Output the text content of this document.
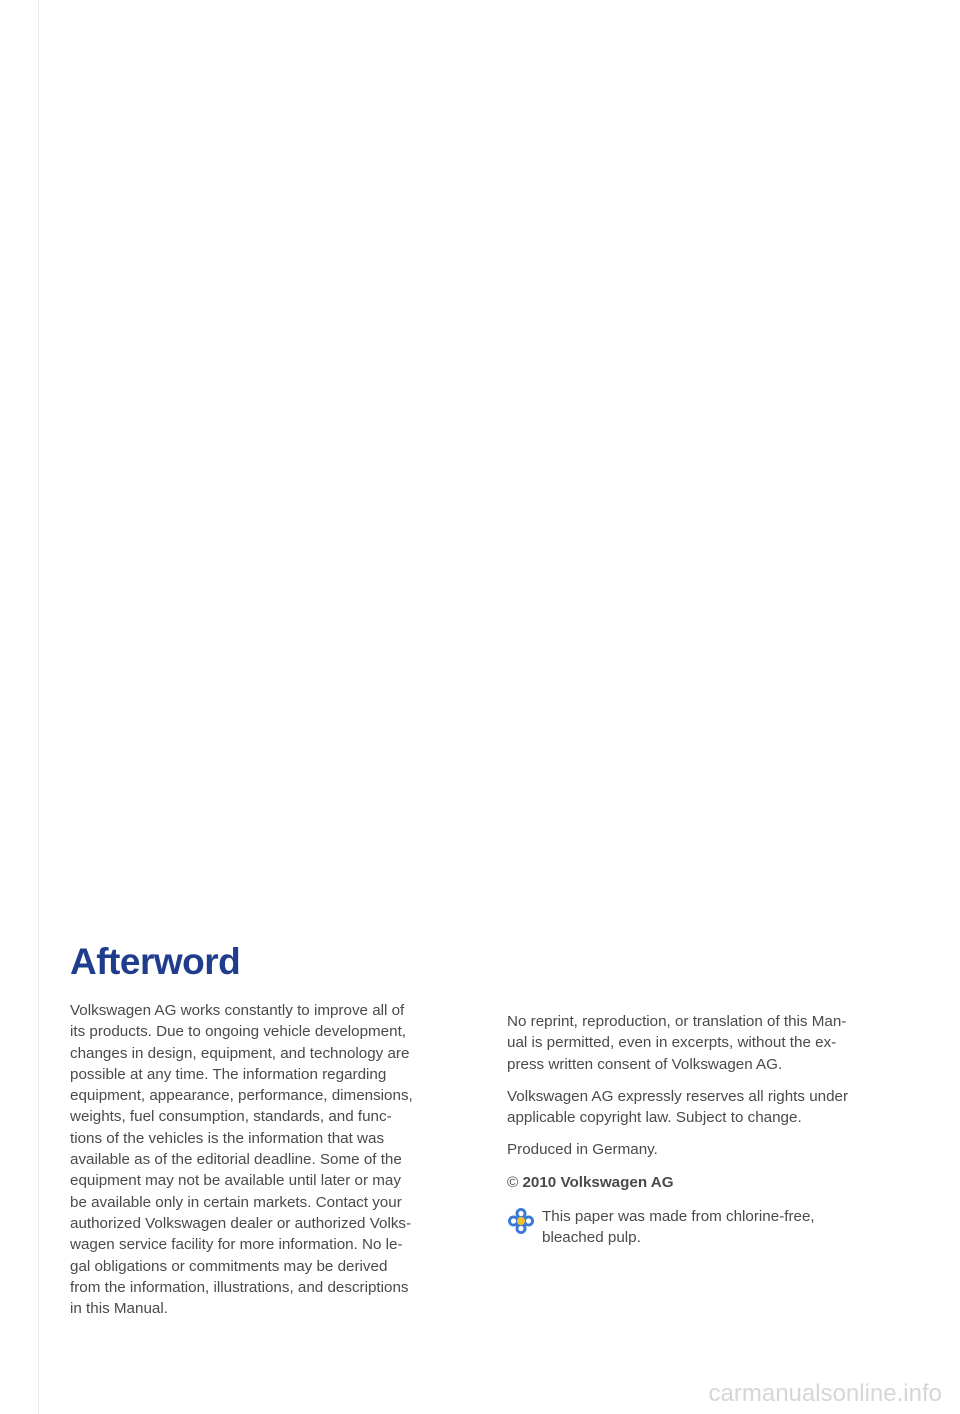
Afterword
Volkswagen AG works constantly to improve all of
its products. Due to ongoing vehicle development,
changes in design, equipment, and technology are
possible at any time. The information regarding
equipment, appearance, performance, dimensions,
weights, fuel consumption, standards, and func-
tions of the vehicles is the information that was
available as of the editorial deadline. Some of the
equipment may not be available until later or may
be available only in certain markets. Contact your
authorized Volkswagen dealer or authorized Volks-
wagen service facility for more information. No le-
gal obligations or commitments may be derived
from the information, illustrations, and descriptions
in this Manual.
No reprint, reproduction, or translation of this Man-
ual is permitted, even in excerpts, without the ex-
press written consent of Volkswagen AG.
Volkswagen AG expressly reserves all rights under
applicable copyright law. Subject to change.
Produced in Germany.
© 2010 Volkswagen AG
This paper was made from chlorine-free,
bleached pulp.
carmanualsonline.info
